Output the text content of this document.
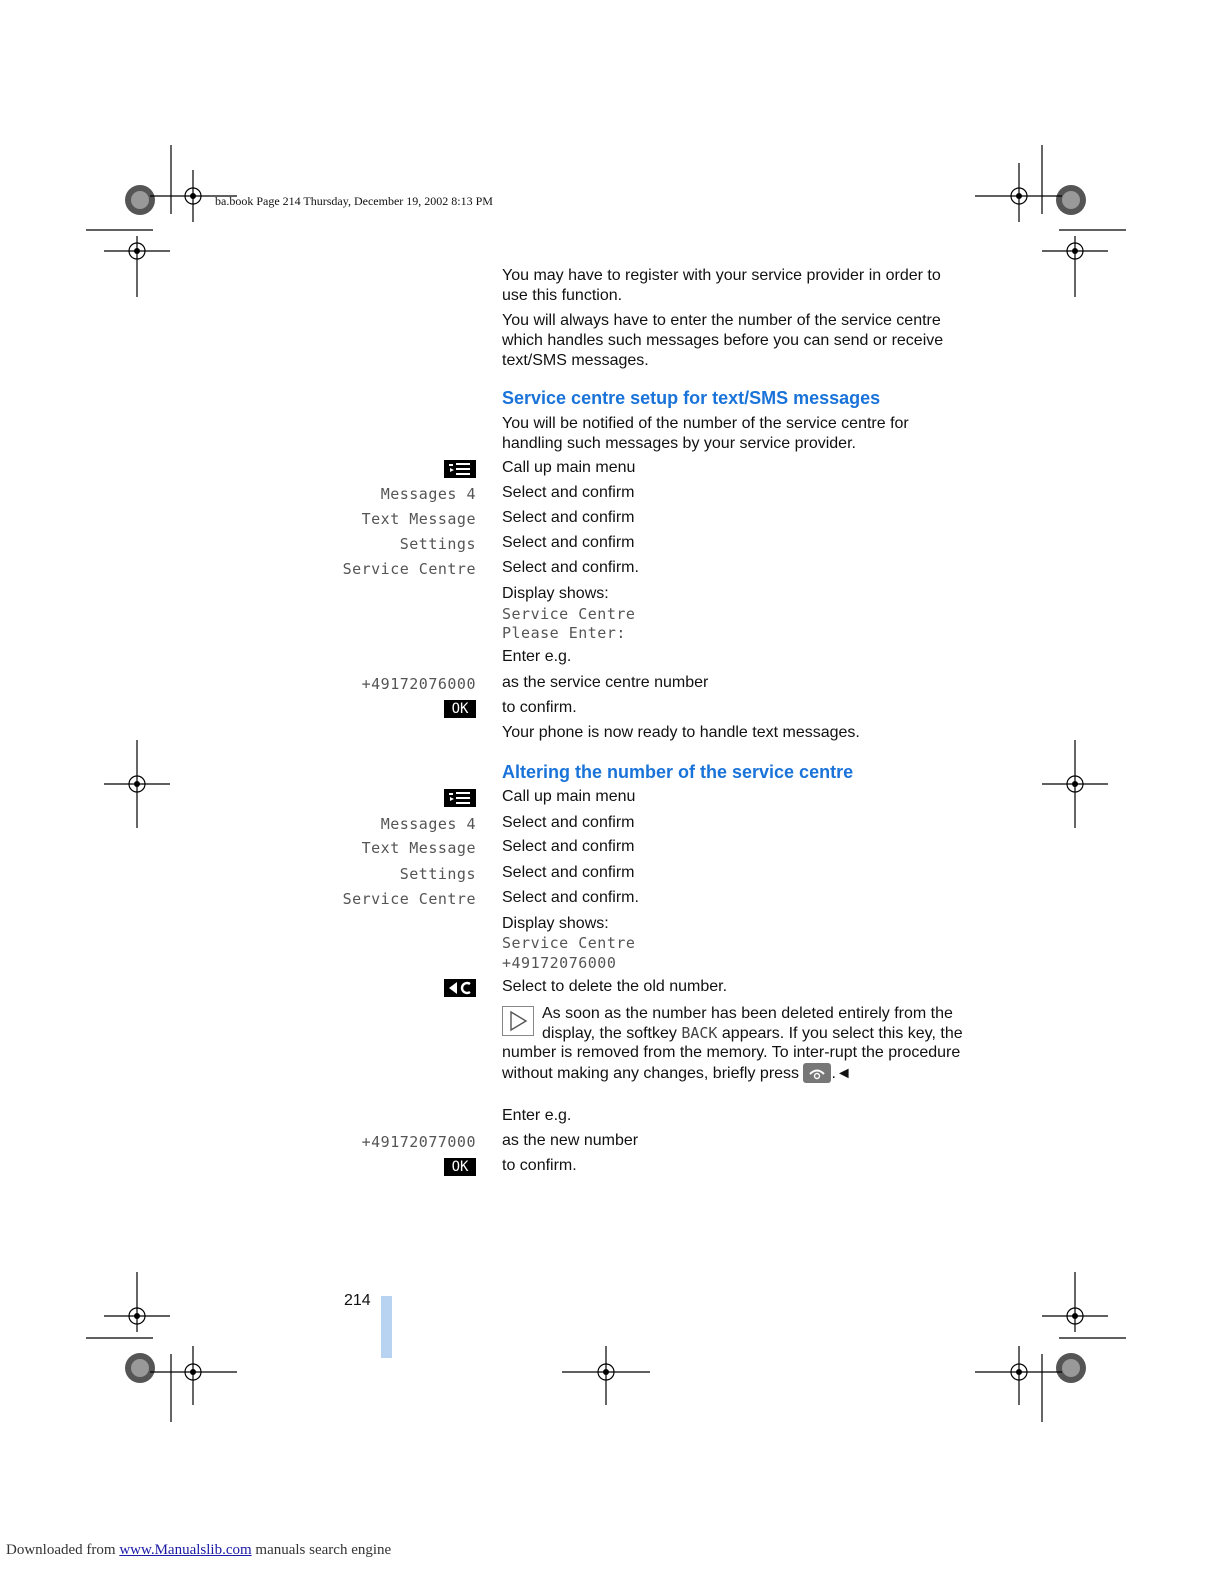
ba.book Page 214 Thursday, December 19, 2002 8:13 PM
You may have to register with your service provider in order to use this function.
You will always have to enter the number of the service centre which handles such messages before you can send or receive text/SMS messages.
Service centre setup for text/SMS messages
You will be notified of the number of the service centre for handling such messages by your service provider.
Call up main menu
Messages 4 Select and confirm
Text Message Select and confirm
Settings Select and confirm
Service Centre Select and confirm.
Display shows:
Service Centre
Please Enter:
Enter e.g.
+49172076000 as the service centre number
OK	to confirm.
Your phone is now ready to handle text messages.
Altering the number of the service centre
Call up main menu
Messages 4 Select and confirm
Text Message Select and confirm
Settings Select and confirm
Service Centre Select and confirm.
Display shows:
Service Centre
+49172076000
Select to delete the old number.
As soon as the number has been deleted entirely from the display, the softkey BACK appears. If you select this key, the number is removed from the memory. To inter-rupt the procedure without making any changes, briefly press .◄
Enter e.g.
+49172077000 as the new number
OK	to confirm.
214
Downloaded from www.Manualslib.com manuals search engine
